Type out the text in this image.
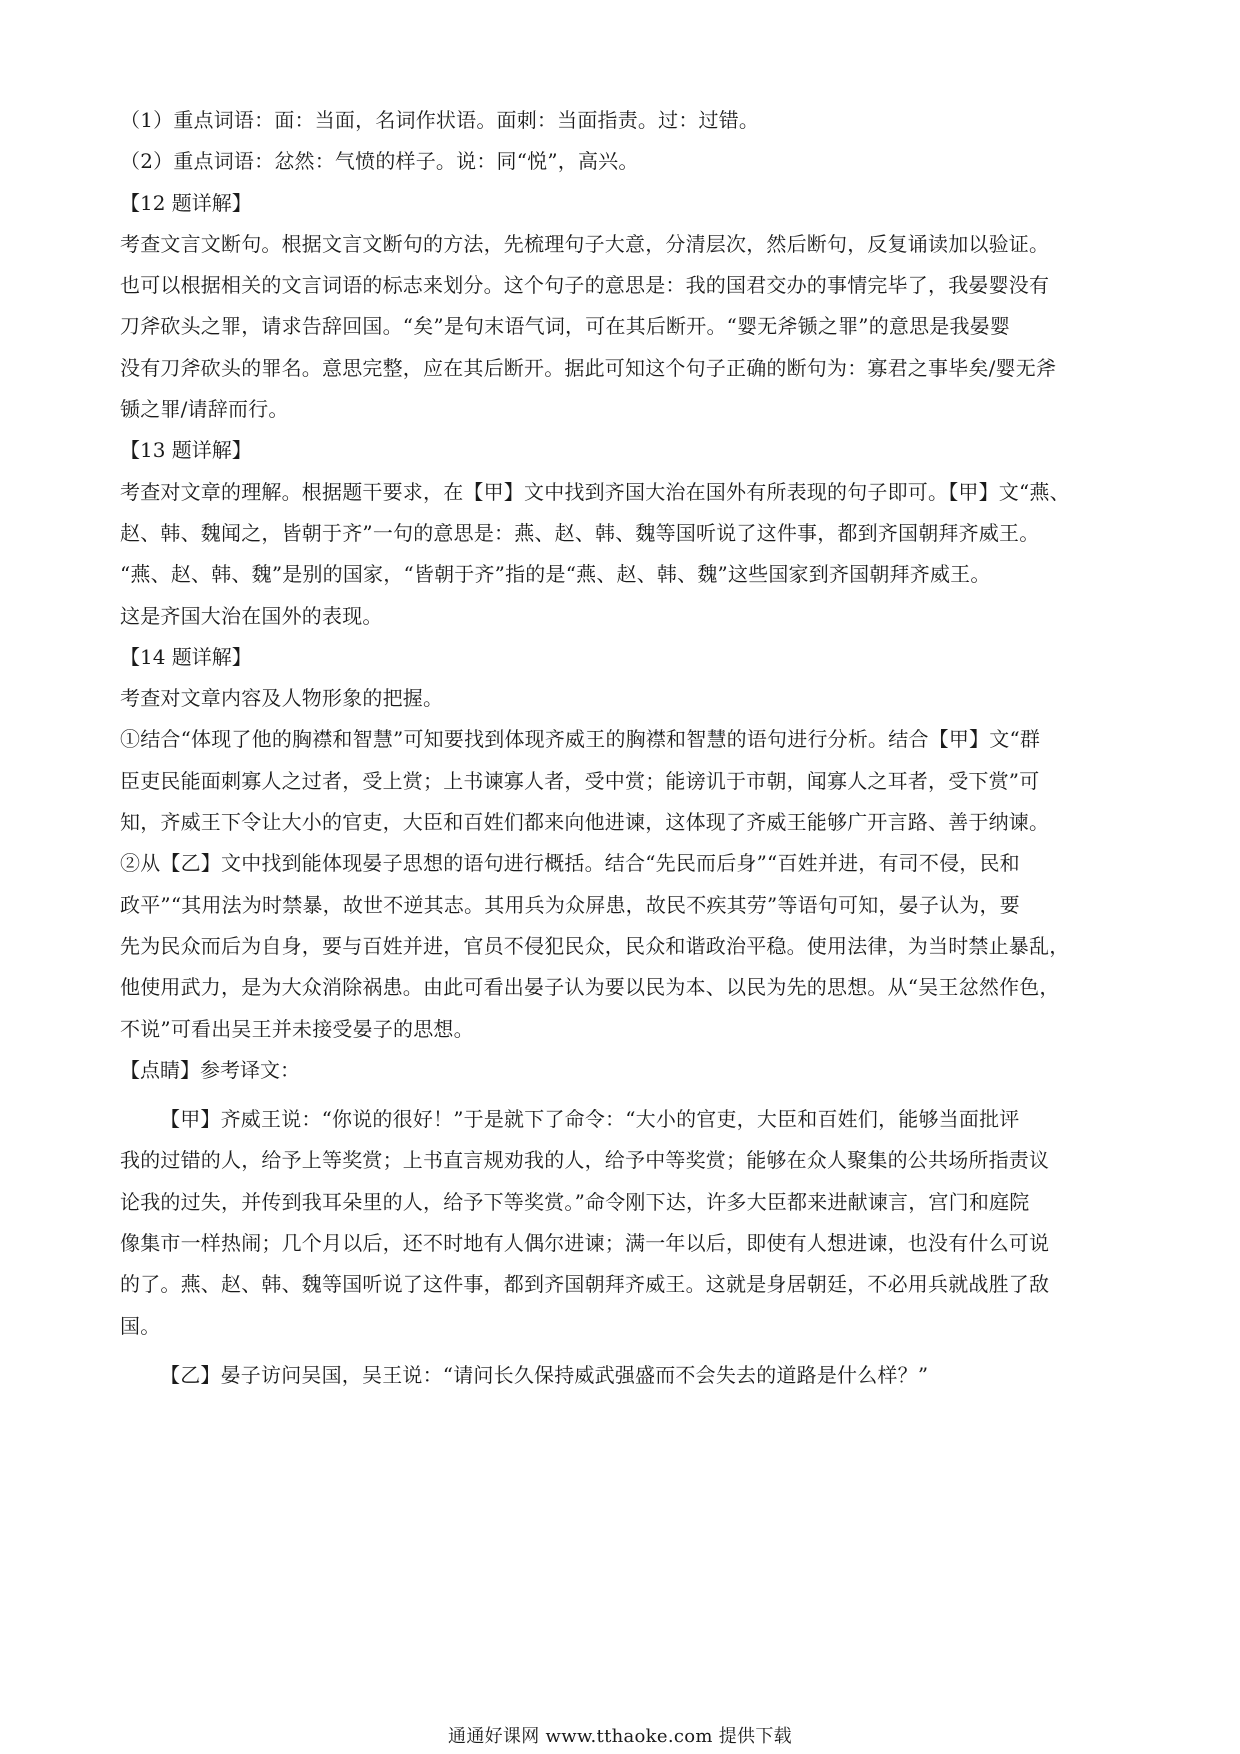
（1）重点词语：面：当面，名词作状语。面刺：当面指责。过：过错。

（2）重点词语：忿然：气愤的样子。说：同“悦”，高兴。

【12 题详解】

考查文言文断句。根据文言文断句的方法，先梳理句子大意，分清层次，然后断句，反复诵读加以验证。
也可以根据相关的文言词语的标志来划分。这个句子的意思是：我的国君交办的事情完毕了，我晏婴没有
刀斧砍头之罪，请求告辞回国。“矣”是句末语气词，可在其后断开。“婴无斧锧之罪”的意思是我晏婴
没有刀斧砍头的罪名。意思完整，应在其后断开。据此可知这个句子正确的断句为：寡君之事毕矣/婴无斧
锧之罪/请辞而行。

【13 题详解】

考查对文章的理解。根据题干要求，在【甲】文中找到齐国大治在国外有所表现的句子即可。【甲】文“燕、
赵、韩、魏闻之，皆朝于齐”一句的意思是：燕、赵、韩、魏等国听说了这件事，都到齐国朝拜齐威王。
“燕、赵、韩、魏”是别的国家，“皆朝于齐”指的是“燕、赵、韩、魏”这些国家到齐国朝拜齐威王。
这是齐国大治在国外的表现。

【14 题详解】

考查对文章内容及人物形象的把握。
①结合“体现了他的胸襟和智慧”可知要找到体现齐威王的胸襟和智慧的语句进行分析。结合【甲】文“群
臣吏民能面刺寡人之过者，受上赏；上书谏寡人者，受中赏；能谤讥于市朝，闻寡人之耳者，受下赏”可
知，齐威王下令让大小的官吏，大臣和百姓们都来向他进谏，这体现了齐威王能够广开言路、善于纳谏。
②从【乙】文中找到能体现晏子思想的语句进行概括。结合“先民而后身”“百姓并进，有司不侵，民和
政平”“其用法为时禁暴，故世不逆其志。其用兵为众屏患，故民不疾其劳”等语句可知，晏子认为，要
先为民众而后为自身，要与百姓并进，官员不侵犯民众，民众和谐政治平稳。使用法律，为当时禁止暴乱，
他使用武力，是为大众消除祸患。由此可看出晏子认为要以民为本、以民为先的思想。从“吴王忿然作色，
不说”可看出吴王并未接受晏子的思想。

【点睛】参考译文：

【甲】齐威王说：“你说的很好！”于是就下了命令：“大小的官吏，大臣和百姓们，能够当面批评
我的过错的人，给予上等奖赏；上书直言规劝我的人，给予中等奖赏；能够在众人聚集的公共场所指责议
论我的过失，并传到我耳朵里的人，给予下等奖赏。”命令刚下达，许多大臣都来进献谏言，宫门和庭院
像集市一样热闹；几个月以后，还不时地有人偶尔进谏；满一年以后，即使有人想进谏，也没有什么可说
的了。燕、赵、韩、魏等国听说了这件事，都到齐国朝拜齐威王。这就是身居朝廷，不必用兵就战胜了敌
国。
【乙】晏子访问吴国，吴王说：“请问长久保持威武强盛而不会失去的道路是什么样？”
通通好课网 www.tthaoke.com 提供下载
